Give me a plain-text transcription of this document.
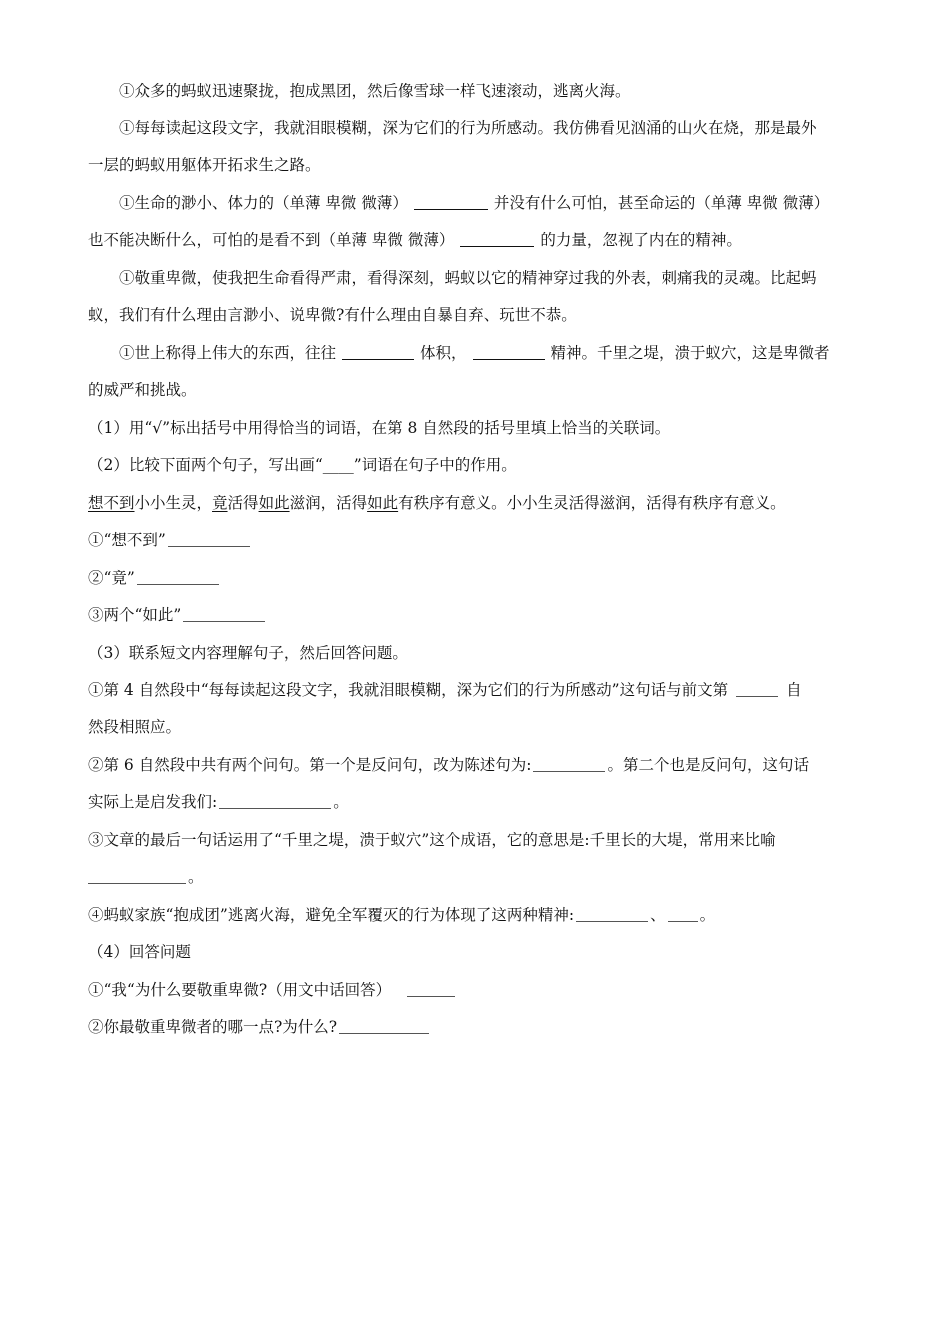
①众多的蚂蚁迅速聚拢，抱成黑团，然后像雪球一样飞速滚动，逃离火海。
①每每读起这段文字，我就泪眼模糊，深为它们的行为所感动。我仿佛看见汹涌的山火在烧，那是最外
一层的蚂蚁用躯体开拓求生之路。
①生命的渺小、体力的（单薄 卑微 微薄）	并没有什么可怕，甚至命运的（单薄 卑微 微薄）
也不能决断什么，可怕的是看不到（单薄 卑微 微薄）	的力量，忽视了内在的精神。
①敬重卑微，使我把生命看得严肃，看得深刻，蚂蚁以它的精神穿过我的外表，刺痛我的灵魂。比起蚂
蚁，我们有什么理由言渺小、说卑微?有什么理由自暴自弃、玩世不恭。
①世上称得上伟大的东西，往往	体积，	精神。千里之堤，溃于蚁穴，这是卑微者
的威严和挑战。
（1）用“√”标出括号中用得恰当的词语，在第 8 自然段的括号里填上恰当的关联词。
（2）比较下面两个句子，写出画“____”词语在句子中的作用。
想不到小小生灵，竟活得如此滋润，活得如此有秩序有意义。小小生灵活得滋润，活得有秩序有意义。
①“想不到”
②“竟”
③两个“如此”
（3）联系短文内容理解句子，然后回答问题。
①第 4 自然段中“每每读起这段文字，我就泪眼模糊，深为它们的行为所感动”这句话与前文第	自
然段相照应。
②第 6 自然段中共有两个问句。第一个是反问句，改为陈述句为:	。第二个也是反问句，这句话
实际上是启发我们:	。
③文章的最后一句话运用了“千里之堤，溃于蚁穴”这个成语，它的意思是:千里长的大堤，常用来比喻
。
④蚂蚁家族“抱成团”逃离火海，避免全军覆灭的行为体现了这两种精神:	、 。
（4）回答问题
①“我“为什么要敬重卑微?（用文中话回答）
②你最敬重卑微者的哪一点?为什么?
